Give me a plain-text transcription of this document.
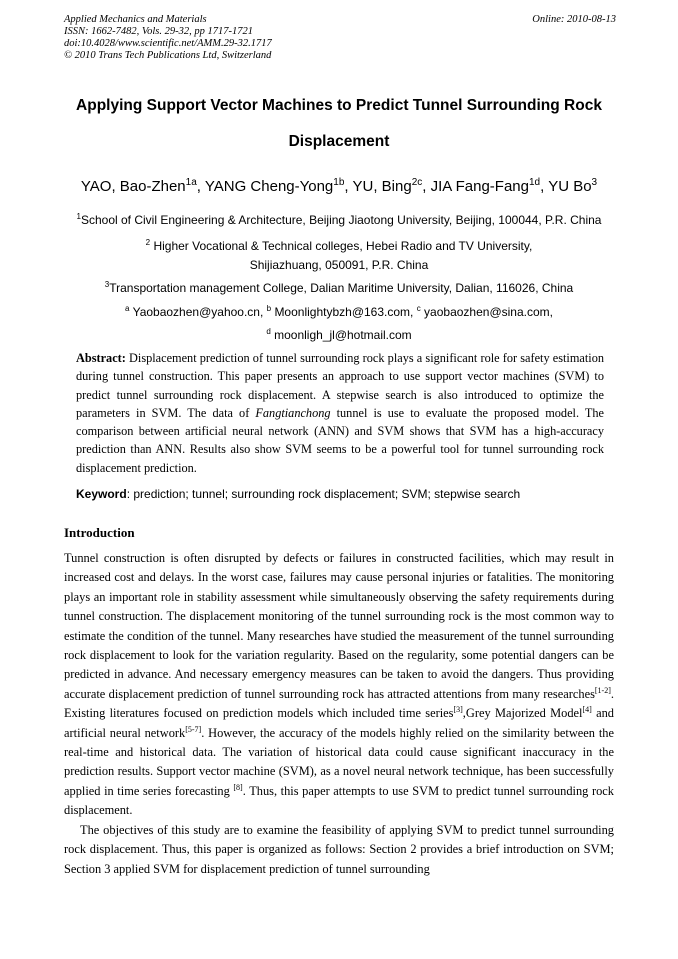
Applied Mechanics and Materials
ISSN: 1662-7482, Vols. 29-32, pp 1717-1721
doi:10.4028/www.scientific.net/AMM.29-32.1717
© 2010 Trans Tech Publications Ltd, Switzerland
Online: 2010-08-13
Applying Support Vector Machines to Predict Tunnel Surrounding Rock
Displacement
YAO, Bao-Zhen$^{1a}$, YANG Cheng-Yong$^{1b}$, YU, Bing$^{2c}$, JIA Fang-Fang$^{1d}$, YU Bo$^3$
$^1$School of Civil Engineering & Architecture, Beijing Jiaotong University, Beijing, 100044, P.R. China
$^2$ Higher Vocational & Technical colleges, Hebei Radio and TV University,
Shijiazhuang, 050091, P.R. China
$^3$Transportation management College, Dalian Maritime University, Dalian, 116026, China
$^a$ Yaobaozhen@yahoo.cn, $^b$ Moonlightybzh@163.com, $^c$ yaobaozhen@sina.com,
$^d$ moonligh_jl@hotmail.com
Abstract: Displacement prediction of tunnel surrounding rock plays a significant role for safety estimation during tunnel construction. This paper presents an approach to use support vector machines (SVM) to predict tunnel surrounding rock displacement. A stepwise search is also introduced to optimize the parameters in SVM. The data of Fangtianchong tunnel is use to evaluate the proposed model. The comparison between artificial neural network (ANN) and SVM shows that SVM has a high-accuracy prediction than ANN. Results also show SVM seems to be a powerful tool for tunnel surrounding rock displacement prediction.
Keyword: prediction; tunnel; surrounding rock displacement; SVM; stepwise search
Introduction

Tunnel construction is often disrupted by defects or failures in constructed facilities, which may result in increased cost and delays. In the worst case, failures may cause personal injuries or fatalities. The monitoring plays an important role in stability assessment while simultaneously observing the safety requirements during tunnel construction. The displacement monitoring of the tunnel surrounding rock is the most common way to estimate the condition of the tunnel. Many researches have studied the measurement of the tunnel surrounding rock displacement to look for the variation regularity. Based on the regularity, some potential dangers can be predicted in advance. And necessary emergency measures can be taken to avoid the dangers. Thus providing accurate displacement prediction of tunnel surrounding rock has attracted attentions from many researches[1-2]. Existing literatures focused on prediction models which included time series[3],Grey Majorized Model[4] and artificial neural network[5-7]. However, the accuracy of the models highly relied on the similarity between the real-time and historical data. The variation of historical data could cause significant inaccuracy in the prediction results. Support vector machine (SVM), as a novel neural network technique, has been successfully applied in time series forecasting [8]. Thus, this paper attempts to use SVM to predict tunnel surrounding rock displacement.

The objectives of this study are to examine the feasibility of applying SVM to predict tunnel surrounding rock displacement. Thus, this paper is organized as follows: Section 2 provides a brief introduction on SVM; Section 3 applied SVM for displacement prediction of tunnel surrounding
